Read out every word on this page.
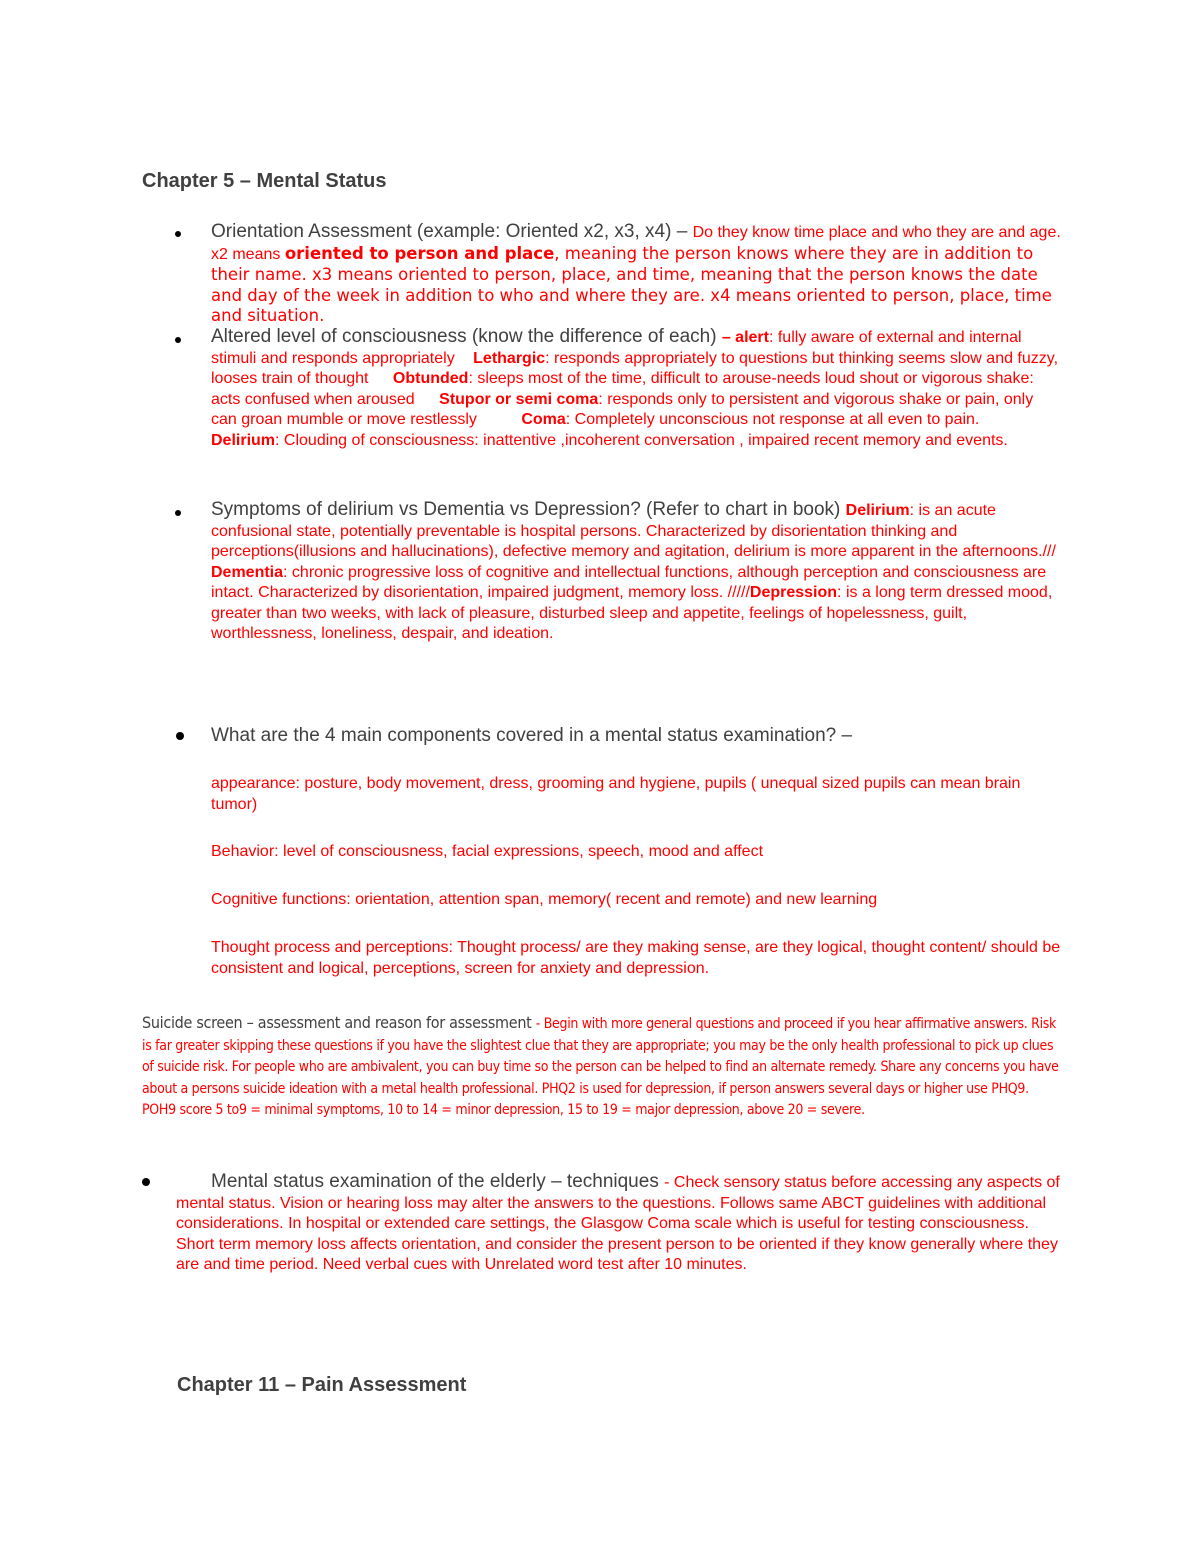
Chapter 5 – Mental Status
Orientation Assessment (example: Oriented x2, x3, x4) – Do they know time place and who they are and age. x2 means oriented to person and place, meaning the person knows where they are in addition to their name. x3 means oriented to person, place, and time, meaning that the person knows the date and day of the week in addition to who and where they are. x4 means oriented to person, place, time and situation.
Altered level of consciousness (know the difference of each) – alert: fully aware of external and internal stimuli and responds appropriately Lethargic: responds appropriately to questions but thinking seems slow and fuzzy, looses train of thought Obtunded: sleeps most of the time, difficult to arouse-needs loud shout or vigorous shake: acts confused when aroused Stupor or semi coma: responds only to persistent and vigorous shake or pain, only can groan mumble or move restlessly	Coma: Completely unconscious not response at all even to pain. Delirium: Clouding of consciousness: inattentive ,incoherent conversation , impaired recent memory and events.
Symptoms of delirium vs Dementia vs Depression? (Refer to chart in book) Delirium: is an acute confusional state, potentially preventable is hospital persons. Characterized by disorientation thinking and perceptions(illusions and hallucinations), defective memory and agitation, delirium is more apparent in the afternoons./// Dementia: chronic progressive loss of cognitive and intellectual functions, although perception and consciousness are intact. Characterized by disorientation, impaired judgment, memory loss. /////Depression: is a long term dressed mood, greater than two weeks, with lack of pleasure, disturbed sleep and appetite, feelings of hopelessness, guilt, worthlessness, loneliness, despair, and ideation.
What are the 4 main components covered in a mental status examination? –
appearance: posture, body movement, dress, grooming and hygiene, pupils ( unequal sized pupils can mean brain tumor)
Behavior: level of consciousness, facial expressions, speech, mood and affect
Cognitive functions: orientation, attention span, memory( recent and remote) and new learning
Thought process and perceptions: Thought process/ are they making sense, are they logical, thought content/ should be consistent and logical, perceptions, screen for anxiety and depression.
Suicide screen – assessment and reason for assessment - Begin with more general questions and proceed if you hear affirmative answers. Risk is far greater skipping these questions if you have the slightest clue that they are appropriate; you may be the only health professional to pick up clues of suicide risk. For people who are ambivalent, you can buy time so the person can be helped to find an alternate remedy. Share any concerns you have about a persons suicide ideation with a metal health professional. PHQ2 is used for depression, if person answers several days or higher use PHQ9. POH9 score 5 to9 = minimal symptoms, 10 to 14 = minor depression, 15 to 19 = major depression, above 20 = severe.
Mental status examination of the elderly – techniques - Check sensory status before accessing any aspects of mental status. Vision or hearing loss may alter the answers to the questions. Follows same ABCT guidelines with additional considerations. In hospital or extended care settings, the Glasgow Coma scale which is useful for testing consciousness. Short term memory loss affects orientation, and consider the present person to be oriented if they know generally where they are and time period. Need verbal cues with Unrelated word test after 10 minutes.
Chapter 11 – Pain Assessment
